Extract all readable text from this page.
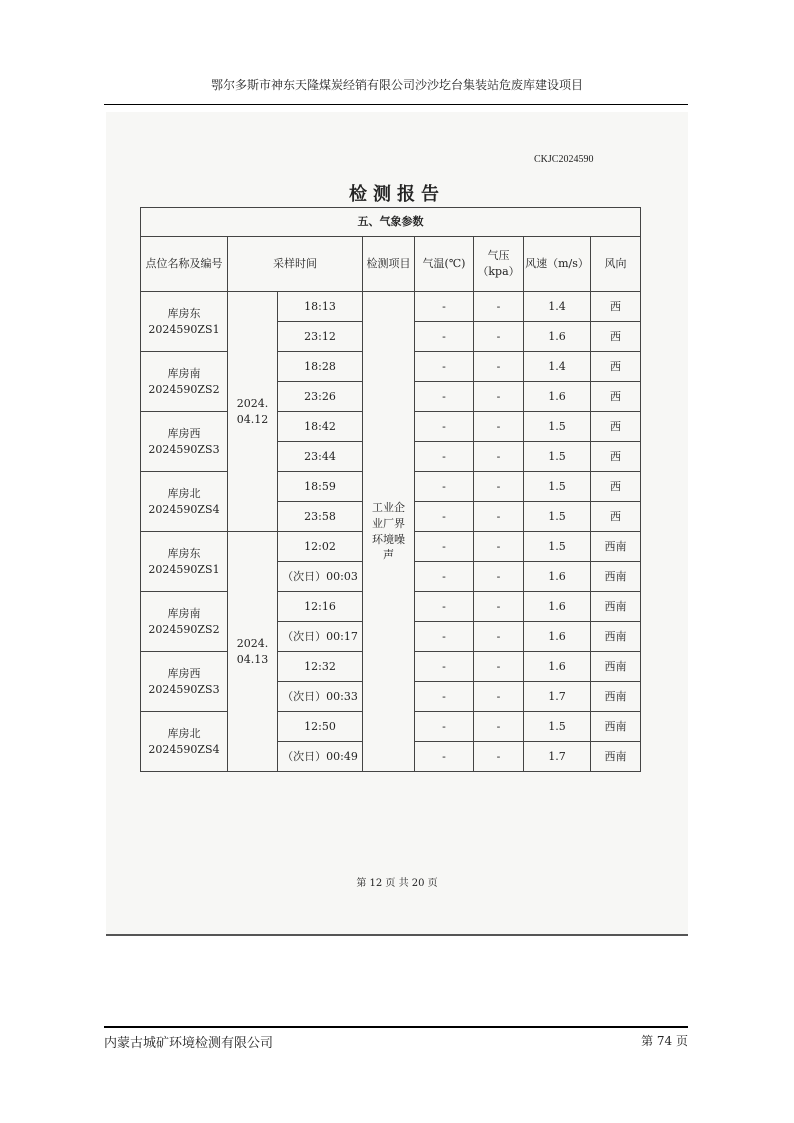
鄂尔多斯市神东天隆煤炭经销有限公司沙沙圪台集装站危废库建设项目
CKJC2024590
检测报告
五、气象参数							
点位名称及编号	采样时间		检测项目	气温(℃)	气压（kpa）	风速（m/s）	风向

库房东
2024590ZS1	2024.04.12	18:13	工业企业厂界环境噪声	-	-	1.4	西
		23:12		-	-	1.6	西

库房南
2024590ZS2		18:28		-	-	1.4	西
		23:26		-	-	1.6	西

库房西
2024590ZS3		18:42		-	-	1.5	西
		23:44		-	-	1.5	西

库房北
2024590ZS4		18:59		-	-	1.5	西
		23:58		-	-	1.5	西

库房东
2024590ZS1	2024.04.13	12:02		-	-	1.5	西南
		（次日）00:03		-	-	1.6	西南

库房南
2024590ZS2		12:16		-	-	1.6	西南
		（次日）00:17		-	-	1.6	西南

库房西
2024590ZS3		12:32		-	-	1.6	西南
		（次日）00:33		-	-	1.7	西南

库房北
2024590ZS4		12:50		-	-	1.5	西南
		（次日）00:49		-	-	1.7	西南
第 12 页 共 20 页
内蒙古城矿环境检测有限公司	第 74 页
